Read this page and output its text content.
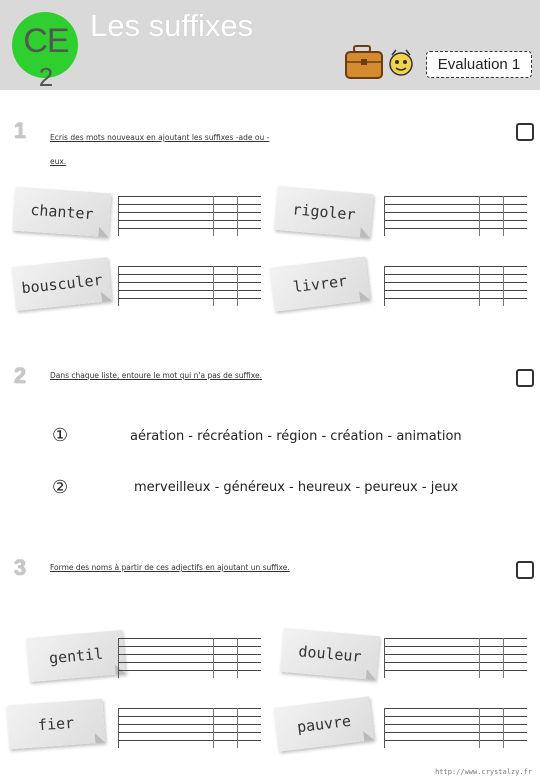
CE
2
Les suffixes
Evaluation 1
1	Ecris des mots nouveaux en ajoutant les suffixes -ade ou -eux.
chanter	rigoler
bousculer	livrer
2	Dans chaque liste, entoure le mot qui n'a pas de suffixe.
①	aération - récréation - région - création - animation
②	merveilleux - généreux - heureux - peureux - jeux
3	Forme des noms à partir de ces adjectifs en ajoutant un suffixe.
gentil	douleur
fier	pauvre
http://www.crystalzy.fr
